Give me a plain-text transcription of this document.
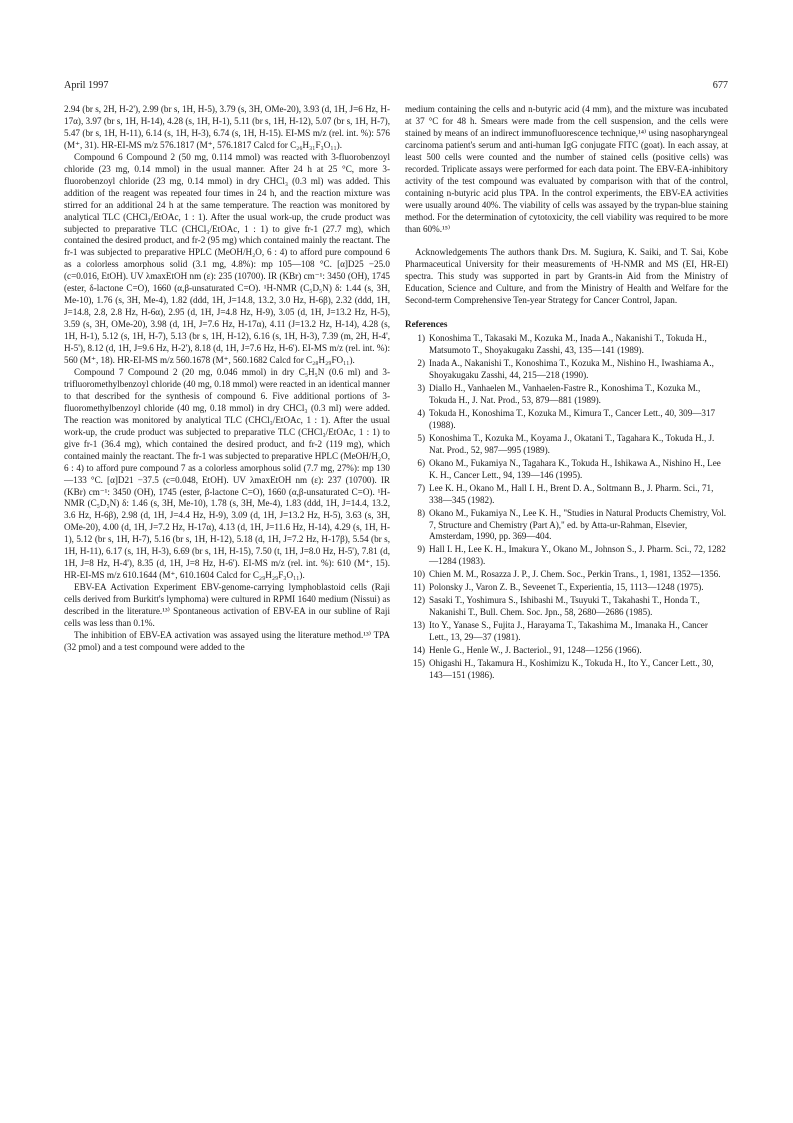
April 1997	677

2.94 (br s, 2H, H-2'), 2.99 (br s, 1H, H-5), 3.79 (s, 3H, OMe-20), 3.93 (d, 1H, J=6 Hz, H-17α), 3.97 (br s, 1H, H-14), 4.28 (s, 1H, H-1), 5.11 (br s, 1H, H-12), 5.07 (br s, 1H, H-7), 5.47 (br s, 1H, H-11), 6.14 (s, 1H, H-3), 6.74 (s, 1H, H-15). EI-MS m/z (rel. int. %): 576 (M⁺, 31). HR-EI-MS m/z 576.1817 (M⁺, 576.1817 Calcd for C₂₆H₃₁F₃O₁₁).

Compound 6 Compound 2 (50 mg, 0.114 mmol) was reacted with 3-fluorobenzoyl chloride (23 mg, 0.14 mmol) in the usual manner. After 24 h at 25 °C, more 3-fluorobenzoyl chloride (23 mg, 0.14 mmol) in dry CHCl₃ (0.3 ml) was added. This addition of the reagent was repeated four times in 24 h, and the reaction mixture was stirred for an additional 24 h at the same temperature. The reaction was monitored by analytical TLC (CHCl₃/EtOAc, 1 : 1). After the usual work-up, the crude product was subjected to preparative TLC (CHCl₃/EtOAc, 1 : 1) to give fr-1 (27.7 mg), which contained the desired product, and fr-2 (95 mg) which contained mainly the reactant. The fr-1 was subjected to preparative HPLC (MeOH/H₂O, 6 : 4) to afford pure compound 6 as a colorless amorphous solid (3.1 mg, 4.8%): mp 105—108 °C. [α]D25 −25.0 (c=0.016, EtOH). UV λmaxEtOH nm (ε): 235 (10700). IR (KBr) cm⁻¹: 3450 (OH), 1745 (ester, δ-lactone C=O), 1660 (α,β-unsaturated C=O). ¹H-NMR (C₅D₅N) δ: 1.44 (s, 3H, Me-10), 1.76 (s, 3H, Me-4), 1.82 (ddd, 1H, J=14.8, 13.2, 3.0 Hz, H-6β), 2.32 (ddd, 1H, J=14.8, 2.8, 2.8 Hz, H-6α), 2.95 (d, 1H, J=4.8 Hz, H-9), 3.05 (d, 1H, J=13.2 Hz, H-5), 3.59 (s, 3H, OMe-20), 3.98 (d, 1H, J=7.6 Hz, H-17α), 4.11 (J=13.2 Hz, H-14), 4.28 (s, 1H, H-1), 5.12 (s, 1H, H-7), 5.13 (br s, 1H, H-12), 6.16 (s, 1H, H-3), 7.39 (m, 2H, H-4', H-5'), 8.12 (d, 1H, J=9.6 Hz, H-2'), 8.18 (d, 1H, J=7.6 Hz, H-6'). EI-MS m/z (rel. int. %): 560 (M⁺, 18). HR-EI-MS m/z 560.1678 (M⁺, 560.1682 Calcd for C₂₈H₂₉FO₁₁).

Compound 7 Compound 2 (20 mg, 0.046 mmol) in dry C₅H₅N (0.6 ml) and 3-trifluoromethylbenzoyl chloride (40 mg, 0.18 mmol) were reacted in an identical manner to that described for the synthesis of compound 6. Five additional portions of 3-fluoromethylbenzoyl chloride (40 mg, 0.18 mmol) in dry CHCl₃ (0.3 ml) were added. The reaction was monitored by analytical TLC (CHCl₃/EtOAc, 1 : 1). After the usual work-up, the crude product was subjected to preparative TLC (CHCl₃/EtOAc, 1 : 1) to give fr-1 (36.4 mg), which contained the desired product, and fr-2 (119 mg), which contained mainly the reactant. The fr-1 was subjected to preparative HPLC (MeOH/H₂O, 6 : 4) to afford pure compound 7 as a colorless amorphous solid (7.7 mg, 27%): mp 130—133 °C. [α]D21 −37.5 (c=0.048, EtOH). UV λmaxEtOH nm (ε): 237 (10700). IR (KBr) cm⁻¹: 3450 (OH), 1745 (ester, β-lactone C=O), 1660 (α,β-unsaturated C=O). ¹H-NMR (C₅D₅N) δ: 1.46 (s, 3H, Me-10), 1.78 (s, 3H, Me-4), 1.83 (ddd, 1H, J=14.4, 13.2, 3.6 Hz, H-6β), 2.98 (d, 1H, J=4.4 Hz, H-9), 3.09 (d, 1H, J=13.2 Hz, H-5), 3.63 (s, 3H, OMe-20), 4.00 (d, 1H, J=7.2 Hz, H-17α), 4.13 (d, 1H, J=11.6 Hz, H-14), 4.29 (s, 1H, H-1), 5.12 (br s, 1H, H-7), 5.16 (br s, 1H, H-12), 5.18 (d, 1H, J=7.2 Hz, H-17β), 5.54 (br s, 1H, H-11), 6.17 (s, 1H, H-3), 6.69 (br s, 1H, H-15), 7.50 (t, 1H, J=8.0 Hz, H-5'), 7.81 (d, 1H, J=8 Hz, H-4'), 8.35 (d, 1H, J=8 Hz, H-6'). EI-MS m/z (rel. int. %): 610 (M⁺, 15). HR-EI-MS m/z 610.1644 (M⁺, 610.1604 Calcd for C₂₉H₂₉F₃O₁₁).

EBV-EA Activation Experiment EBV-genome-carrying lymphoblastoid cells (Raji cells derived from Burkitt's lymphoma) were cultured in RPMI 1640 medium (Nissui) as described in the literature.¹³⁾ Spontaneous activation of EBV-EA in our subline of Raji cells was less than 0.1%.

The inhibition of EBV-EA activation was assayed using the literature method.¹³⁾ TPA (32 pmol) and a test compound were added to the

medium containing the cells and n-butyric acid (4 mm), and the mixture was incubated at 37 °C for 48 h. Smears were made from the cell suspension, and the cells were stained by means of an indirect immunofluorescence technique,¹⁴⁾ using nasopharyngeal carcinoma patient's serum and anti-human IgG conjugate FITC (goat). In each assay, at least 500 cells were counted and the number of stained cells (positive cells) was recorded. Triplicate assays were performed for each data point. The EBV-EA-inhibitory activity of the test compound was evaluated by comparison with that of the control, containing n-butyric acid plus TPA. In the control experiments, the EBV-EA activities were usually around 40%. The viability of cells was assayed by the trypan-blue staining method. For the determination of cytotoxicity, the cell viability was required to be more than 60%.¹⁵⁾

Acknowledgements The authors thank Drs. M. Sugiura, K. Saiki, and T. Sai, Kobe Pharmaceutical University for their measurements of ¹H-NMR and MS (EI, HR-EI) spectra. This study was supported in part by Grants-in Aid from the Ministry of Education, Science and Culture, and from the Ministry of Health and Welfare for the Second-term Comprehensive Ten-year Strategy for Cancer Control, Japan.

References

1) Konoshima T., Takasaki M., Kozuka M., Inada A., Nakanishi T., Tokuda H., Matsumoto T., Shoyakugaku Zasshi, 43, 135—141 (1989).
2) Inada A., Nakanishi T., Konoshima T., Kozuka M., Nishino H., Iwashiama A., Shoyakugaku Zasshi, 44, 215—218 (1990).
3) Diallo H., Vanhaelen M., Vanhaelen-Fastre R., Konoshima T., Kozuka M., Tokuda H., J. Nat. Prod., 53, 879—881 (1989).
4) Tokuda H., Konoshima T., Kozuka M., Kimura T., Cancer Lett., 40, 309—317 (1988).
5) Konoshima T., Kozuka M., Koyama J., Okatani T., Tagahara K., Tokuda H., J. Nat. Prod., 52, 987—995 (1989).
6) Okano M., Fukamiya N., Tagahara K., Tokuda H., Ishikawa A., Nishino H., Lee K. H., Cancer Lett., 94, 139—146 (1995).
7) Lee K. H., Okano M., Hall I. H., Brent D. A., Soltmann B., J. Pharm. Sci., 71, 338—345 (1982).
8) Okano M., Fukamiya N., Lee K. H., "Studies in Natural Products Chemistry, Vol. 7, Structure and Chemistry (Part A)," ed. by Atta-ur-Rahman, Elsevier, Amsterdam, 1990, pp. 369—404.
9) Hall I. H., Lee K. H., Imakura Y., Okano M., Johnson S., J. Pharm. Sci., 72, 1282—1284 (1983).
10) Chien M. M., Rosazza J. P., J. Chem. Soc., Perkin Trans., 1, 1981, 1352—1356.
11) Polonsky J., Varon Z. B., Seveenet T., Experientia, 15, 1113—1248 (1975).
12) Sasaki T., Yoshimura S., Ishibashi M., Tsuyuki T., Takahashi T., Honda T., Nakanishi T., Bull. Chem. Soc. Jpn., 58, 2680—2686 (1985).
13) Ito Y., Yanase S., Fujita J., Harayama T., Takashima M., Imanaka H., Cancer Lett., 13, 29—37 (1981).
14) Henle G., Henle W., J. Bacteriol., 91, 1248—1256 (1966).
15) Ohigashi H., Takamura H., Koshimizu K., Tokuda H., Ito Y., Cancer Lett., 30, 143—151 (1986).
